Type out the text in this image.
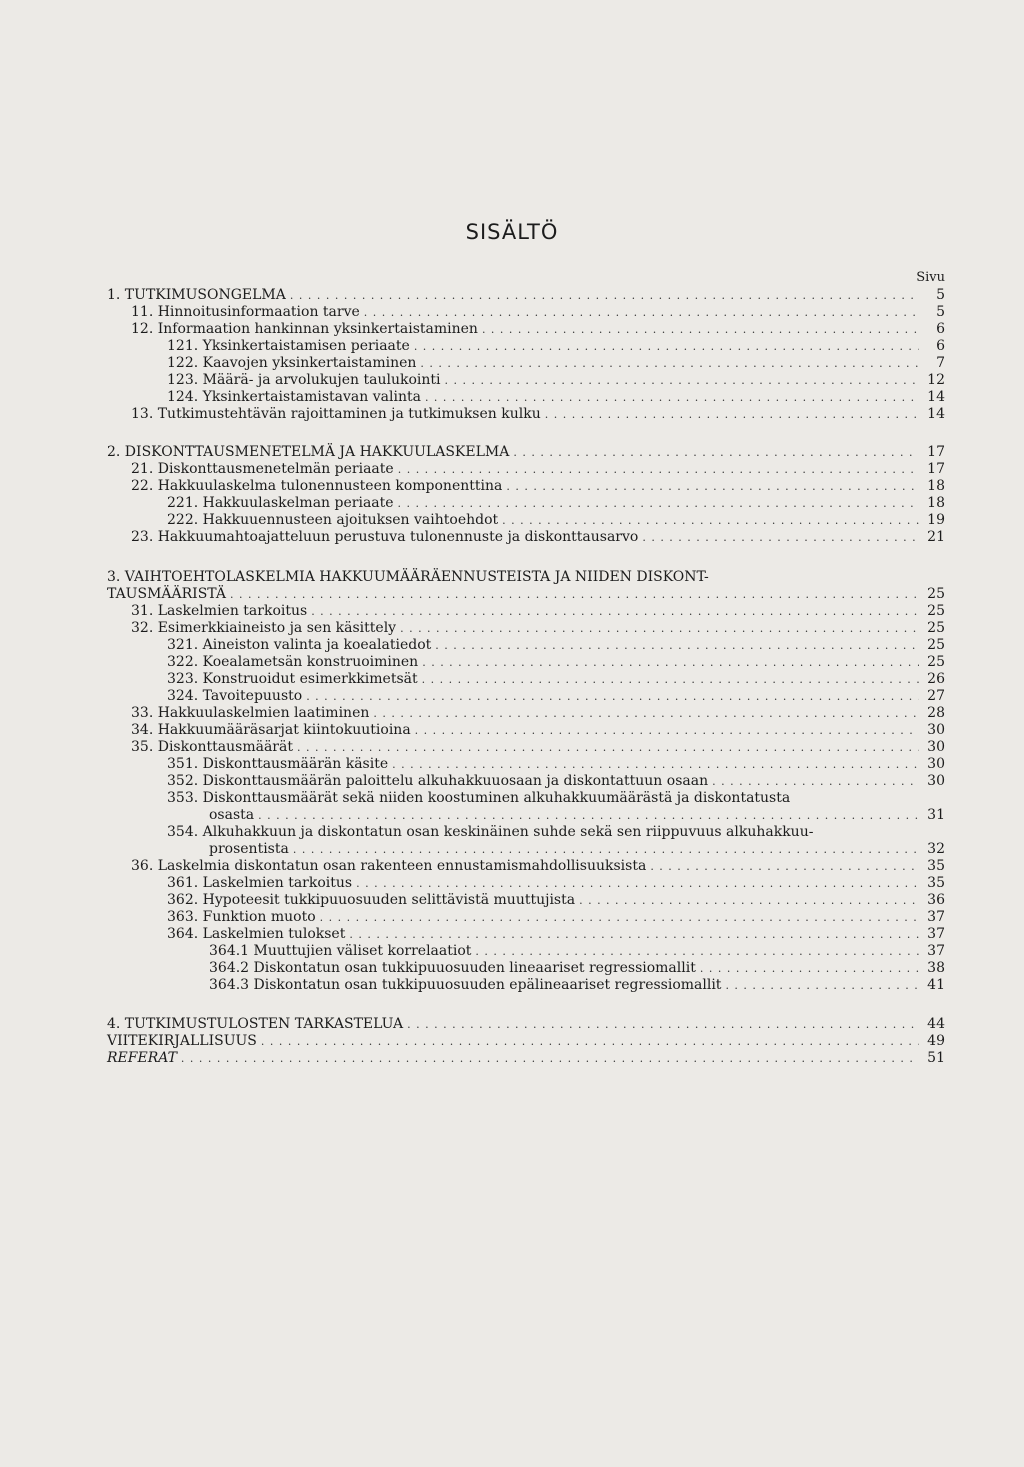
SISÄLTÖ
Sivu
1. TUTKIMUSONGELMA . . .	5
11. Hinnoitusinformaation tarve . . .	5
12. Informaation hankinnan yksinkertaistaminen . . .	6
121. Yksinkertaistamisen periaate . . .	6
122. Kaavojen yksinkertaistaminen . . .	7
123. Määrä- ja arvolukujen taulukointi . . .	12
124. Yksinkertaistamistavan valinta . . .	14
13. Tutkimustehtävän rajoittaminen ja tutkimuksen kulku . . .	14
2. DISKONTTAUSMENETELMÄ JA HAKKUULASKELMA . . .	17
21. Diskonttausmenetelmän periaate . . .	17
22. Hakkuulaskelma tulonennusteen komponenttina . . .	18
221. Hakkuulaskelman periaate . . .	18
222. Hakkuuennusteen ajoituksen vaihtoehdot . . .	19
23. Hakkuumahtoajatteluun perustuva tulonennuste ja diskonttausarvo . . .	21
3. VAIHTOEHTOLASKELMIA HAKKUUMÄÄRÄENNUSTEISTA JA NIIDEN DISKONT-
TAUSMÄÄRISTÄ . . .	25
31. Laskelmien tarkoitus . . .	25
32. Esimerkkiaineisto ja sen käsittely . . .	25
321. Aineiston valinta ja koealatiedot . . .	25
322. Koealametsän konstruoiminen . . .	25
323. Konstruoidut esimerkkimetsät . . .	26
324. Tavoitepuusto . . .	27
33. Hakkuulaskelmien laatiminen . . .	28
34. Hakkuumääräsarjat kiintokuutioina . . .	30
35. Diskonttausmäärät . . .	30
351. Diskonttausmäärän käsite . . .	30
352. Diskonttausmäärän paloittelu alkuhakkuuosaan ja diskontattuun osaan . . .	30
353. Diskonttausmäärät sekä niiden koostuminen alkuhakkuumäärästä ja diskontatusta
osasta . . .	31
354. Alkuhakkuun ja diskontatun osan keskinäinen suhde sekä sen riippuvuus alkuhakkuu-
prosentista . . .	32
36. Laskelmia diskontatun osan rakenteen ennustamismahdollisuuksista . . .	35
361. Laskelmien tarkoitus . . .	35
362. Hypoteesit tukkipuuosuuden selittävistä muuttujista . . .	36
363. Funktion muoto . . .	37
364. Laskelmien tulokset . . .	37
364.1 Muuttujien väliset korrelaatiot . . .	37
364.2 Diskontatun osan tukkipuuosuuden lineaariset regressiomallit . . .	38
364.3 Diskontatun osan tukkipuuosuuden epälineaariset regressiomallit . . .	41
4. TUTKIMUSTULOSTEN TARKASTELUA . . .	44
VIITEKIRJALLISUUS . . .	49
REFERAT . . .	51
